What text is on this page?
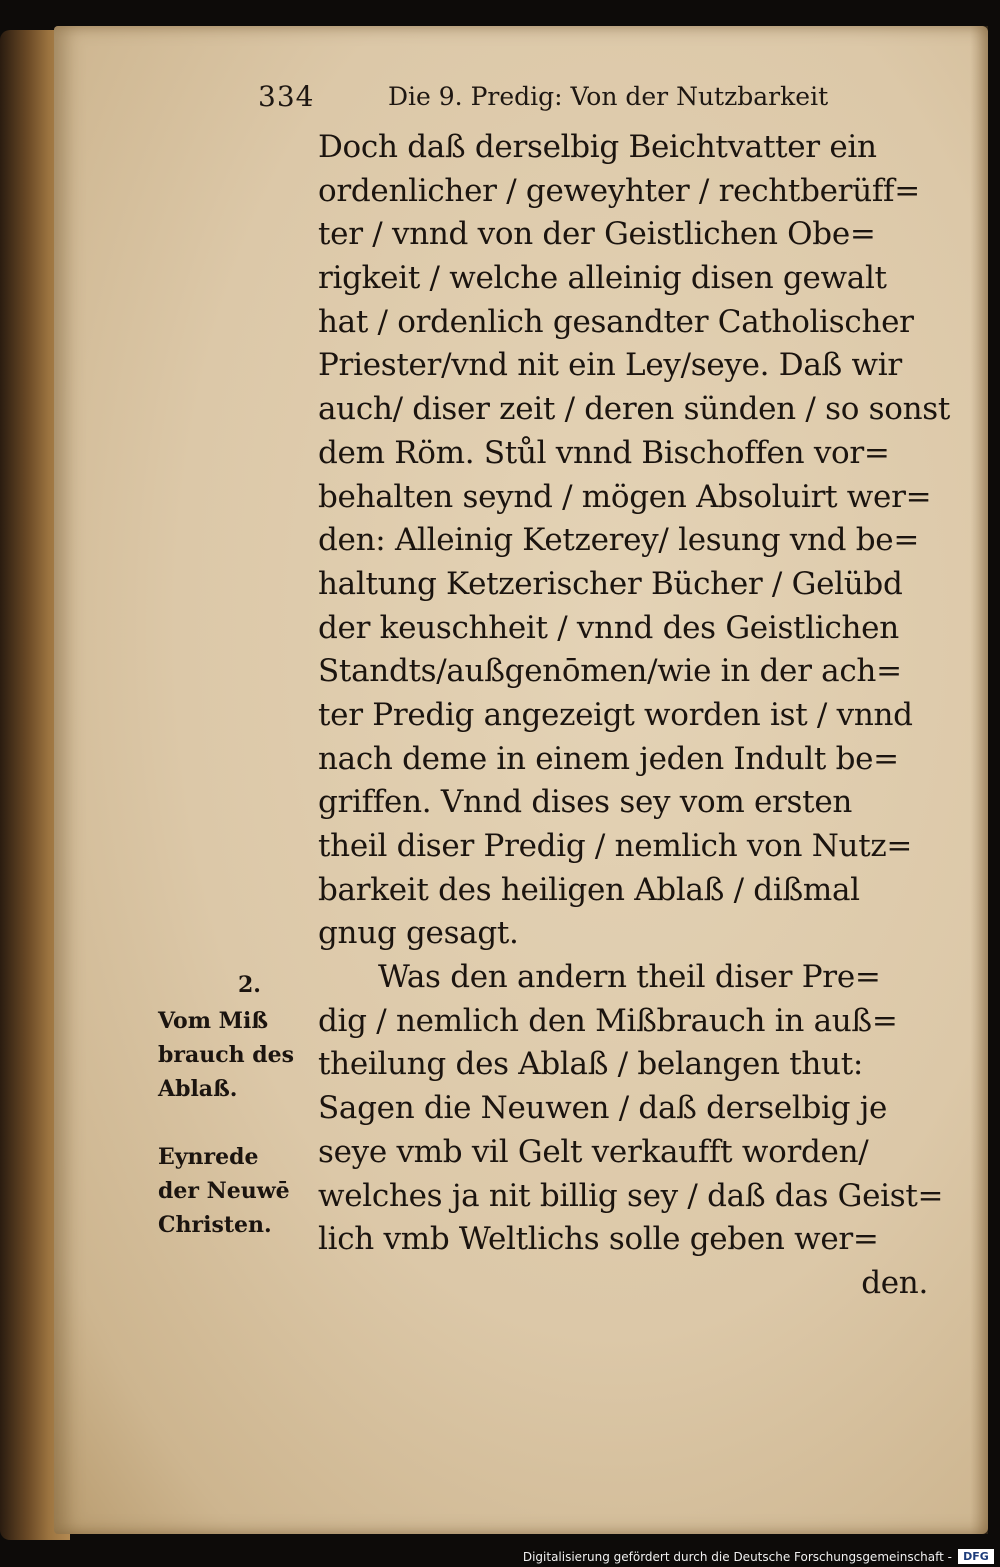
334	Die 9. Predig: Von der Nutzbarkeit
Doch daß derselbig Beichtvatter ein
ordenlicher / geweyhter / rechtberüff=
ter / vnnd von der Geistlichen Obe=
rigkeit / welche alleinig disen gewalt
hat / ordenlich gesandter Catholischer
Priester/vnd nit ein Ley/seye. Daß wir
auch/ diser zeit / deren sünden / so sonst
dem Röm. Stůl vnnd Bischoffen vor=
behalten seynd / mögen Absoluirt wer=
den: Alleinig Ketzerey/ lesung vnd be=
haltung Ketzerischer Bücher / Gelübd
der keuschheit / vnnd des Geistlichen
Standts/außgenōmen/wie in der ach=
ter Predig angezeigt worden ist / vnnd
nach deme in einem jeden Indult be=
griffen. Vnnd dises sey vom ersten
theil diser Predig / nemlich von Nutz=
barkeit des heiligen Ablaß / dißmal
gnug gesagt.
Was den andern theil diser Pre=
dig / nemlich den Mißbrauch in auß=
theilung des Ablaß / belangen thut:
Sagen die Neuwen / daß derselbig je
seye vmb vil Gelt verkaufft worden/
welches ja nit billig sey / daß das Geist=
lich vmb Weltlichs solle geben wer=
den.
2.
Vom Miß
brauch des
Ablaß.
Eynrede
der Neuwē
Christen.
Digitalisierung gefördert durch die Deutsche Forschungsgemeinschaft -	DFG
